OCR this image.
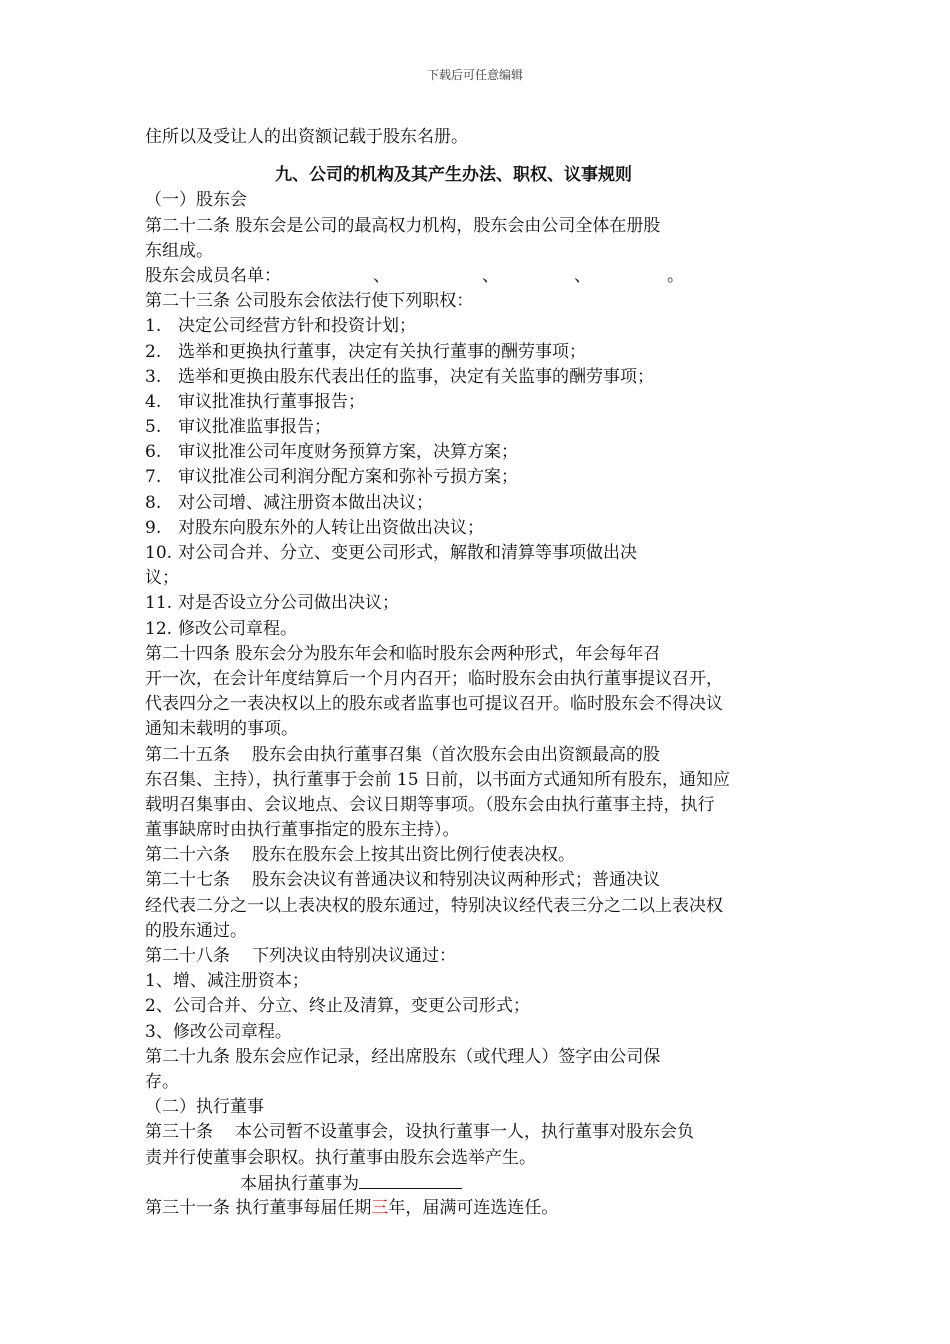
下载后可任意编辑
住所以及受让人的出资额记载于股东名册。
九、公司的机构及其产生办法、职权、议事规则
（一）股东会
第二十二条 股东会是公司的最高权力机构，股东会由公司全体在册股
东组成。
股东会成员名单：	、	、	、	。
第二十三条 公司股东会依法行使下列职权：
1. 决定公司经营方针和投资计划；
2. 选举和更换执行董事，决定有关执行董事的酬劳事项；
3. 选举和更换由股东代表出任的监事，决定有关监事的酬劳事项；
4. 审议批准执行董事报告；
5. 审议批准监事报告；
6. 审议批准公司年度财务预算方案，决算方案；
7. 审议批准公司利润分配方案和弥补亏损方案；
8. 对公司增、减注册资本做出决议；
9. 对股东向股东外的人转让出资做出决议；
10. 对公司合并、分立、变更公司形式，解散和清算等事项做出决
议；
11. 对是否设立分公司做出决议；
12. 修改公司章程。
第二十四条 股东会分为股东年会和临时股东会两种形式，年会每年召
开一次，在会计年度结算后一个月内召开；临时股东会由执行董事提议召开，
代表四分之一表决权以上的股东或者监事也可提议召开。临时股东会不得决议
通知未载明的事项。
第二十五条 股东会由执行董事召集（首次股东会由出资额最高的股
东召集、主持），执行董事于会前 15 日前，以书面方式通知所有股东，通知应
载明召集事由、会议地点、会议日期等事项。（股东会由执行董事主持，执行
董事缺席时由执行董事指定的股东主持）。
第二十六条 股东在股东会上按其出资比例行使表决权。
第二十七条 股东会决议有普通决议和特别决议两种形式；普通决议
经代表二分之一以上表决权的股东通过，特别决议经代表三分之二以上表决权
的股东通过。
第二十八条 下列决议由特别决议通过：
1、增、减注册资本；
2、公司合并、分立、终止及清算，变更公司形式；
3、修改公司章程。
第二十九条 股东会应作记录，经出席股东（或代理人）签字由公司保
存。
（二）执行董事
第三十条 本公司暂不设董事会，设执行董事一人，执行董事对股东会负
责并行使董事会职权。执行董事由股东会选举产生。
本届执行董事为
第三十一条 执行董事每届任期三年，届满可连选连任。
